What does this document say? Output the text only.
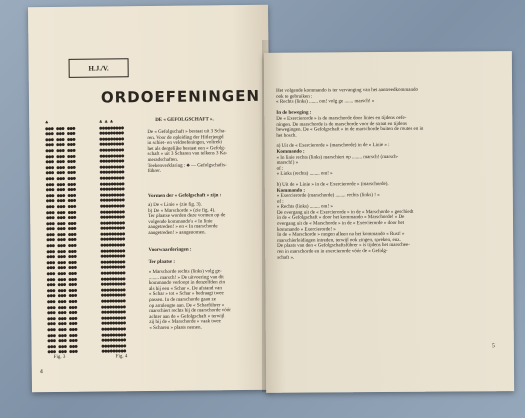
H.J./V.
ORDOEFENINGEN
♣
●●● ●●● ●●●
●●● ●●● ●●●
●●● ●●● ●●●
●●● ●●● ●●●
●●● ●●● ●●●
●●● ●●● ●●●
●●● ●●● ●●●
●●● ●●● ●●●
●●● ●●● ●●●
●●● ●●● ●●●
●●● ●●● ●●●
●●● ●●● ●●●
●●● ●●● ●●●
●●● ●●● ●●●
●●● ●●● ●●●
●●● ●●● ●●●
●●● ●●● ●●●
●●● ●●● ●●●
●●● ●●● ●●●
●●● ●●● ●●●
●●● ●●● ●●●
●●● ●●● ●●●
●●● ●●● ●●●
●●● ●●● ●●●
●●● ●●● ●●●
●●● ●●● ●●●
●●● ●●● ●●●
●●● ●●● ●●●
●●● ●●● ●●●
●●● ●●● ●●●
●●● ●●● ●●●
●●● ●●● ●●●
●●● ●●● ●●●
●●● ●●● ●●●
●●● ●●● ●●●
●●● ●●● ●●●
●●● ●●● ●●●
●●● ●●● ●●●
●●● ●●● ●●●
●●● ●●● ●●●
●●● ●●● ●●●
♣ ♣ ♣
●●●●●●●●●
●●●●●●●●●
●●●●●●●●●
●●●●●●●●●
●●●●●●●●●
●●●●●●●●●
●●●●●●●●●
●●●●●●●●●
●●●●●●●●●
●●●●●●●●●
●●●●●●●●●
●●●●●●●●●
●●●●●●●●●
●●●●●●●●●
●●●●●●●●●
●●●●●●●●●
●●●●●●●●●
●●●●●●●●●
●●●●●●●●●
●●●●●●●●●
●●●●●●●●●
●●●●●●●●●
●●●●●●●●●
●●●●●●●●●
●●●●●●●●●
●●●●●●●●●
●●●●●●●●●
●●●●●●●●●
●●●●●●●●●
●●●●●●●●●
●●●●●●●●●
●●●●●●●●●
●●●●●●●●●
●●●●●●●●●
●●●●●●●●●
●●●●●●●●●
●●●●●●●●●
●●●●●●●●●
●●●●●●●●●
●●●●●●●●●
●●●●●●●●●
Fig. 3	Fig. 4
DE « GEFOLGSCHAFT ».
De « Gefolgschaft » bestaat uit 3 Scha-
ren. Voor de opleiding der Hitlerjeugd
in schiet- en veldoefeningen, voltrekt
het als dergelijke bestaat een « Gefolg-
schaft » uit 3 Scharen van telkens 3 Ka-
meradschaften.
Teekenverklaring : ♣ — Gefolgschafts-
führer.
Vormen der « Gefolgschaft » zijn :
a) De « Linie » (zie fig. 3).
b) De « Marschorde » (zie fig. 4).
Ter plaatse worden deze vormen op de
volgende kommando's « In linie
aangetreden! » en « In marschorde
aangetreden! » aangenomen.
Voorwaarderingen :
Ter plaatse :
« Marschorde rechts (links) volg ge-
........ marsch! » De uitvoering van dit
kommando verloopt in denzelfden zin
als bij een « Schar ». De afstand van
« Schar » tot « Schar » bedraagt twee
passen. In de marschorde gaan ze
op armlengte aan. De « Scharführer »
marschiert rechts bij de marschorde vóór
achter aan de « Gefolgschaft » terwijl
zij bij de « Marschorde » vaak twee
« Scharen » plaats nemen.
4
Het volgende kommando is ter vervanging van het aantreedkommando
ook te gebruiken :
« Rechts (links) ....... om! volg ge ....... marsch! »

In de beweging :
De « Exercierorde » is de marschorde door linies en tijdens oefe-
ningen. De marschorde is de marschorde voor de straat en tijdens
bewegingen. De « Gefolgschaft » in de marschorde buiten de routes en in
het bosch.
a) Uit de « Exercierorde » (marschorde) in de « Linie » :
Kommando :
« In linie rechts (links) marschiert op ........ marsch! (marsch-
marsch!) »
of :
« Links (rechts) ........ om! »
b) Uit de « Linie » in de « Exercierorde » (marschorde).
Kommando :
« Exercierorde (marschorde) ........ rechts (links) ! »
of :
« Rechts (links) ........ om! »
De overgang uit de « Exercierorde » in de « Marschorde » geschiedt
in de « Gefolgschaft » door het kommando « Marschorde! » De
overgang uit de « Marschorde » in de « Exercierorde » door het
kommando « Exercierorde! »
In de « Marschorde » mogen alleen na het kommando « Rust! »
marschierleidingen intreden, terwijl ook zingen, spreken, enz.
De plaats van den « Gefolgschaftsführer » is tijdens het marschee-
ren in marschorde en in exercierorde vóór de « Gefolg-
schaft ».
5
